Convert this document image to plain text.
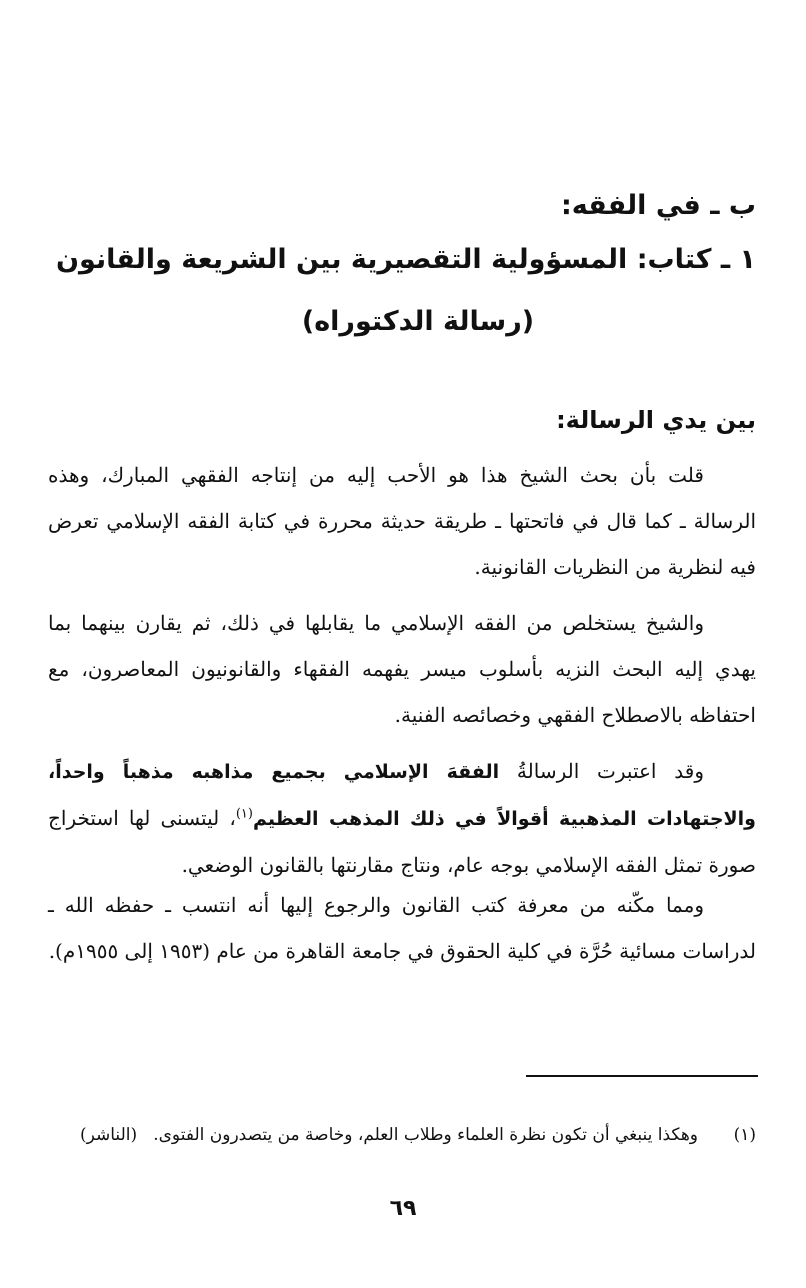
ب ـ في الفقه:
١ ـ كتاب: المسؤولية التقصيرية بين الشريعة والقانون
(رسالة الدكتوراه)
بين يدي الرسالة:
قلت بأن بحث الشيخ هذا هو الأحب إليه من إنتاجه الفقهي المبارك، وهذه الرسالة ـ كما قال في فاتحتها ـ طريقة حديثة محررة في كتابة الفقه الإسلامي تعرض فيه لنظرية من النظريات القانونية.
والشيخ يستخلص من الفقه الإسلامي ما يقابلها في ذلك، ثم يقارن بينهما بما يهدي إليه البحث النزيه بأسلوب ميسر يفهمه الفقهاء والقانونيون المعاصرون، مع احتفاظه بالاصطلاح الفقهي وخصائصه الفنية.
وقد اعتبرت الرسالةُ الفقهَ الإسلامي بجميع مذاهبه مذهباً واحداً، والاجتهادات المذهبية أقوالاً في ذلك المذهب العظيم$^{(١)}$، ليتسنى لها استخراج صورة تمثل الفقه الإسلامي بوجه عام، ونتاج مقارنتها بالقانون الوضعي.
ومما مكّنه من معرفة كتب القانون والرجوع إليها أنه انتسب ـ حفظه الله ـ لدراسات مسائية حُرَّة في كلية الحقوق في جامعة القاهرة من عام (١٩٥٣ إلى ١٩٥٥م).
(١)
وهكذا ينبغي أن تكون نظرة العلماء وطلاب العلم، وخاصة من يتصدرون الفتوى.
(الناشر)
٦٩
